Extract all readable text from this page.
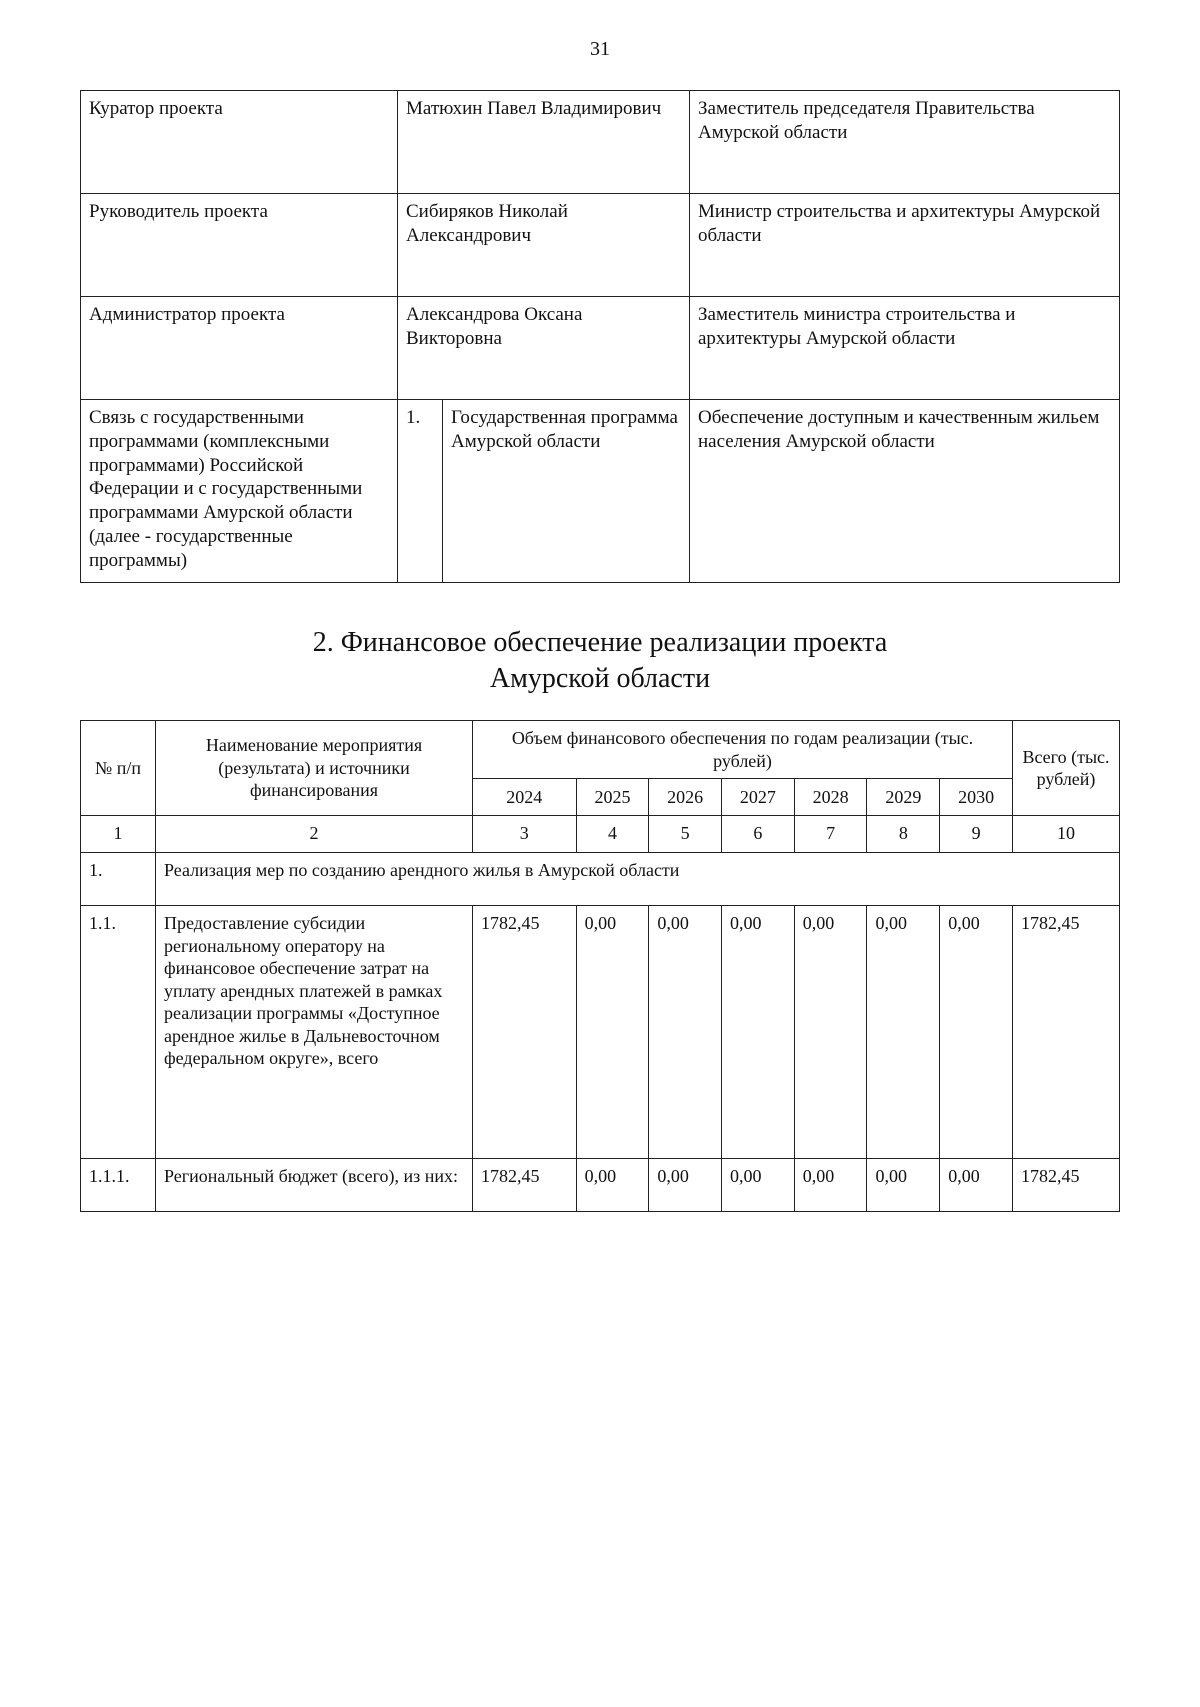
31
Куратор проекта	Матюхин Павел Владимирович		Заместитель председателя Правительства Амурской области
Руководитель проекта	Сибиряков Николай Александрович		Министр строительства и архитектуры Амурской области
Администратор проекта	Александрова Оксана Викторовна		Заместитель министра строительства и архитектуры Амурской области
Связь с государственными программами (комплексными программами) Российской Федерации и с государственными программами Амурской области (далее - государственные программы)	1.	Государственная программа Амурской области	Обеспечение доступным и качественным жильем населения Амурской области
2. Финансовое обеспечение реализации проекта
Амурской области
№ п/п	Наименование мероприятия (результата) и источники финансирования	Объем финансового обеспечения по годам реализации (тыс. рублей)							Всего (тыс. рублей)
		2024	2025	2026	2027	2028	2029	2030	
1	2	3	4	5	6	7	8	9	10
1.	Реализация мер по созданию арендного жилья в Амурской области								
1.1.	Предоставление субсидии региональному оператору на финансовое обеспечение затрат на уплату арендных платежей в рамках реализации программы «Доступное арендное жилье в Дальневосточном федеральном округе», всего	1782,45	0,00	0,00	0,00	0,00	0,00	0,00	1782,45
1.1.1.	Региональный бюджет (всего), из них:	1782,45	0,00	0,00	0,00	0,00	0,00	0,00	1782,45
